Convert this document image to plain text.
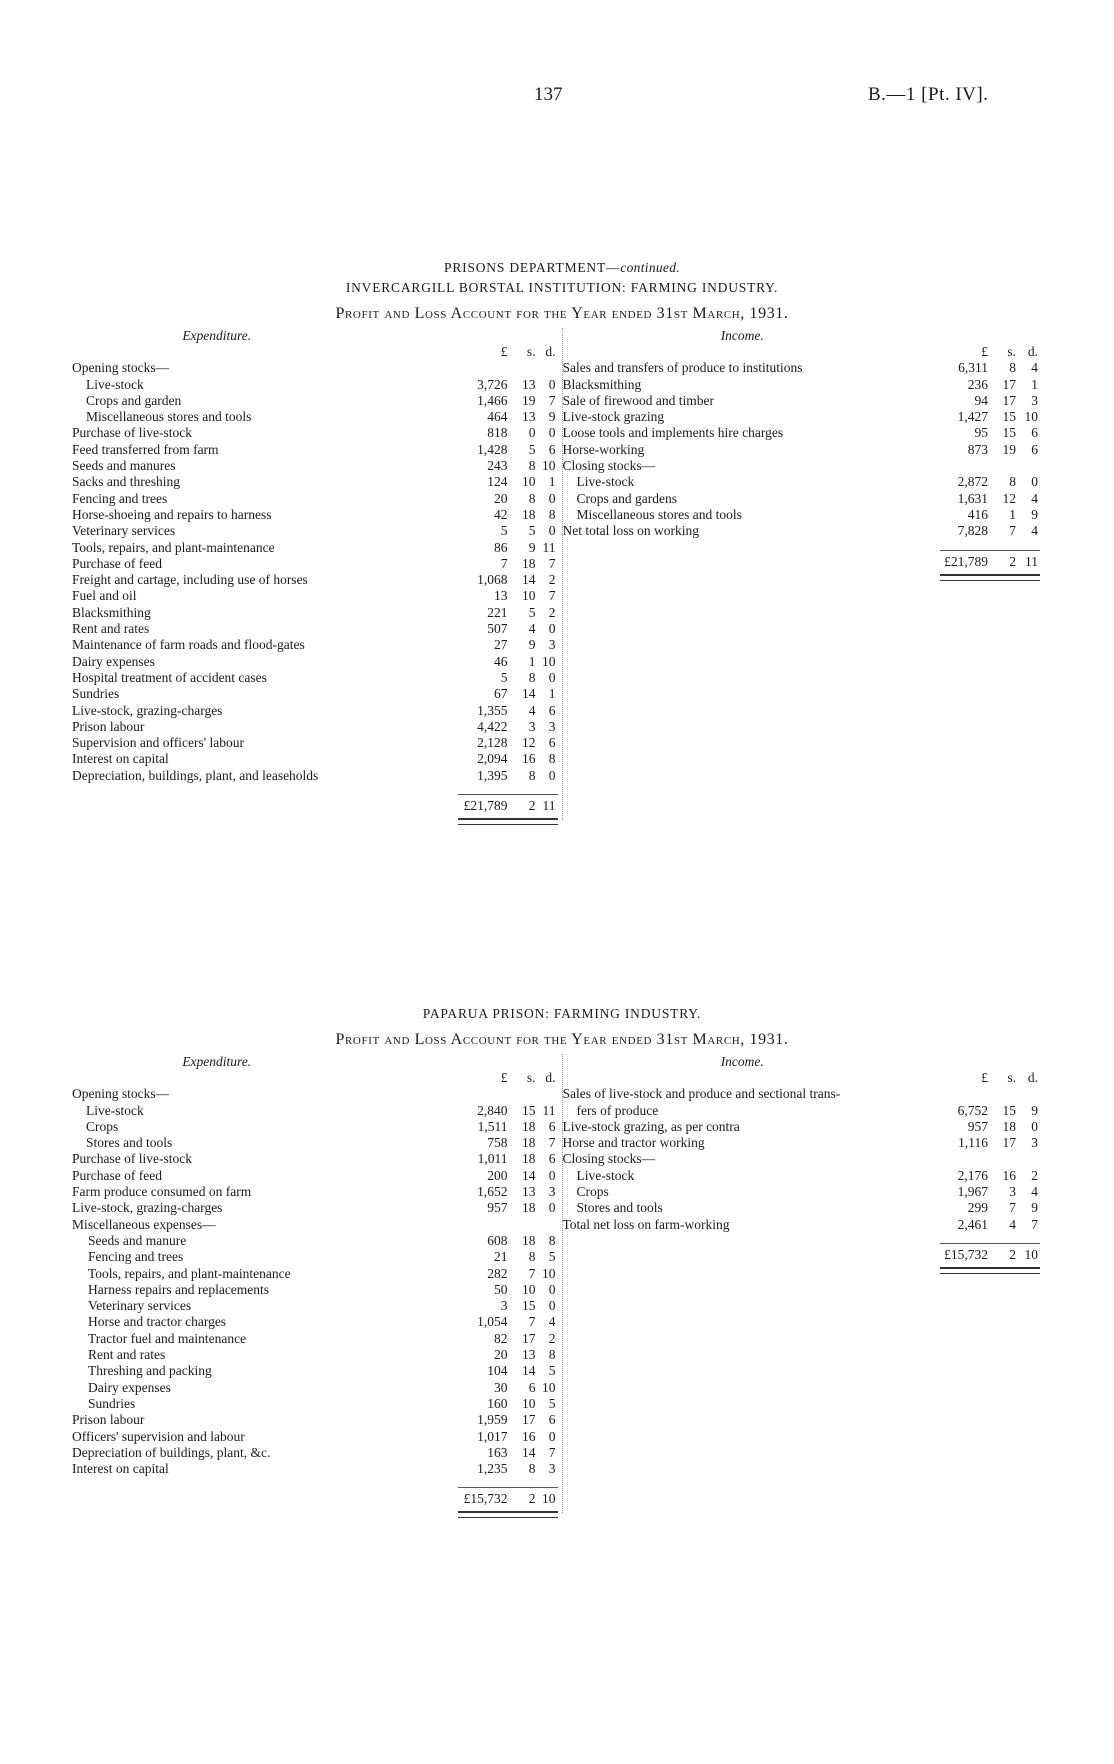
137	B.—1 [Pt. IV].
PRISONS DEPARTMENT—continued.
INVERCARGILL BORSTAL INSTITUTION: FARMING INDUSTRY.
Profit and Loss Account for the Year ended 31st March, 1931.
Expenditure.
£	s. d.
Opening stocks—
Live-stock	3,726	13 0
Crops and garden	1,466	19 7
Miscellaneous stores and tools	464	13 9
Purchase of live-stock	818	0 0
Feed transferred from farm	1,428	5 6
Seeds and manures	243	8 10
Sacks and threshing	124	10 1
Fencing and trees	20	8 0
Horse-shoeing and repairs to harness	42	18 8
Veterinary services	5	5 0
Tools, repairs, and plant-maintenance	86	9 11
Purchase of feed	7	18 7
Freight and cartage, including use of horses	1,068	14 2
Fuel and oil	13	10 7
Blacksmithing	221	5 2
Rent and rates	507	4 0
Maintenance of farm roads and flood-gates	27	9 3
Dairy expenses	46	1 10
Hospital treatment of accident cases	5	8 0
Sundries	67	14 1
Live-stock, grazing-charges	1,355	4 6
Prison labour	4,422	3 3
Supervision and officers' labour	2,128	12 6
Interest on capital	2,094	16 8
Depreciation, buildings, plant, and leaseholds	1,395	8 0
£21,789	2 11
Income.
£	s. d.
Sales and transfers of produce to institutions	6,311	8	4
Blacksmithing	236	17	1
Sale of firewood and timber	94	17	3
Live-stock grazing	1,427	15 10
Loose tools and implements hire charges	95	15	6
Horse-working	873	19	6
Closing stocks—
Live-stock	2,872	8	0
Crops and gardens	1,631	12	4
Miscellaneous stores and tools	416	1	9
Net total loss on working	7,828	7	4
£21,789	2 11
PAPARUA PRISON: FARMING INDUSTRY.
Profit and Loss Account for the Year ended 31st March, 1931.
Expenditure.
£	s. d.
Opening stocks—
Live-stock	2,840	15 11
Crops	1,511	18 6
Stores and tools	758	18 7
Purchase of live-stock	1,011	18 6
Purchase of feed	200	14 0
Farm produce consumed on farm	1,652	13 3
Live-stock, grazing-charges	957	18 0
Miscellaneous expenses—
Seeds and manure	608	18 8
Fencing and trees	21	8 5
Tools, repairs, and plant-maintenance	282	7 10
Harness repairs and replacements	50	10 0
Veterinary services	3	15 0
Horse and tractor charges	1,054	7 4
Tractor fuel and maintenance	82	17 2
Rent and rates	20	13 8
Threshing and packing	104	14 5
Dairy expenses	30	6 10
Sundries	160	10 5
Prison labour	1,959	17 6
Officers' supervision and labour	1,017	16 0
Depreciation of buildings, plant, &c.	163	14 7
Interest on capital	1,235	8 3
£15,732	2 10
Income.
£	s. d.
Sales of live-stock and produce and sectional trans-
fers of produce	6,752	15	9
Live-stock grazing, as per contra	957	18	0
Horse and tractor working	1,116	17	3
Closing stocks—
Live-stock	2,176	16	2
Crops	1,967	3	4
Stores and tools	299	7	9
Total net loss on farm-working	2,461	4	7
£15,732	2 10
